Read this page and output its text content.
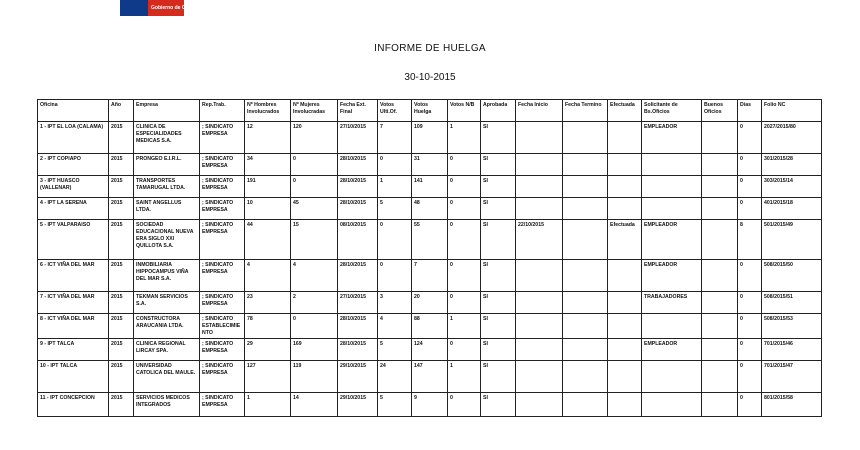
Gobierno de Chile
INFORME DE HUELGA
30-10-2015
Oficina	Año	Empresa	Rep.Trab.	Nº Hombres Involucrados	Nº Mujeres Involucradas	Fecha Ext. Final	Votos Ulti.Of.	Votos Huelga	Votos N/B	Aprobada	Fecha Inicio	Fecha Termino	Efectuada	Solicitante de Bs.Oficios	Buenos Oficios	Días	Folio NC
1 - IPT EL LOA (CALAMA)	2015	CLINICA DE ESPECIALIDADES MEDICAS S.A.	; SINDICATO EMPRESA	12	120	27/10/2015	7	109	1	SI				EMPLEADOR		0	2027/2015/80
2 - IPT COPIAPO	2015	PRONGEO E.I.R.L.	; SINDICATO EMPRESA	34	0	28/10/2015	0	31	0	SI						0	301/2015/28
3 - IPT HUASCO (VALLENAR)	2015	TRANSPORTES TAMARUGAL LTDA.	; SINDICATO EMPRESA	191	0	28/10/2015	1	141	0	SI						0	303/2015/14
4 - IPT LA SERENA	2015	SAINT ANGELLUS LTDA.	; SINDICATO EMPRESA	10	45	28/10/2015	5	48	0	SI						0	401/2015/18
5 - IPT VALPARAISO	2015	SOCIEDAD EDUCACIONAL NUEVA ERA SIGLO XXI QUILLOTA S.A.	; SINDICATO EMPRESA	44	15	08/10/2015	0	55	0	SI	22/10/2015		Efectuada	EMPLEADOR		8	501/2015/49
6 - ICT VIÑA DEL MAR	2015	INMOBILIARIA HIPPOCAMPUS VIÑA DEL MAR S.A.	; SINDICATO EMPRESA	4	4	28/10/2015	0	7	0	SI				EMPLEADOR		0	508/2015/50
7 - ICT VIÑA DEL MAR	2015	TEKMAN SERVICIOS S.A.	; SINDICATO EMPRESA	23	2	27/10/2015	3	20	0	SI				TRABAJADORES		0	508/2015/51
8 - ICT VIÑA DEL MAR	2015	CONSTRUCTORA ARAUCANIA LTDA.	; SINDICATO ESTABLECIMIENTO	78	0	28/10/2015	4	88	1	SI						0	508/2015/53
9 - IPT TALCA	2015	CLINICA REGIONAL LIRCAY SPA.	; SINDICATO EMPRESA	29	169	28/10/2015	5	124	0	SI				EMPLEADOR		0	701/2015/46
10 - IPT TALCA	2015	UNIVERSIDAD CATOLICA DEL MAULE.	; SINDICATO EMPRESA	127	119	29/10/2015	24	147	1	SI						0	701/2015/47
11 - IPT CONCEPCION	2015	SERVICIOS MEDICOS INTEGRADOS	; SINDICATO EMPRESA	1	14	29/10/2015	5	9	0	SI						0	801/2015/58
